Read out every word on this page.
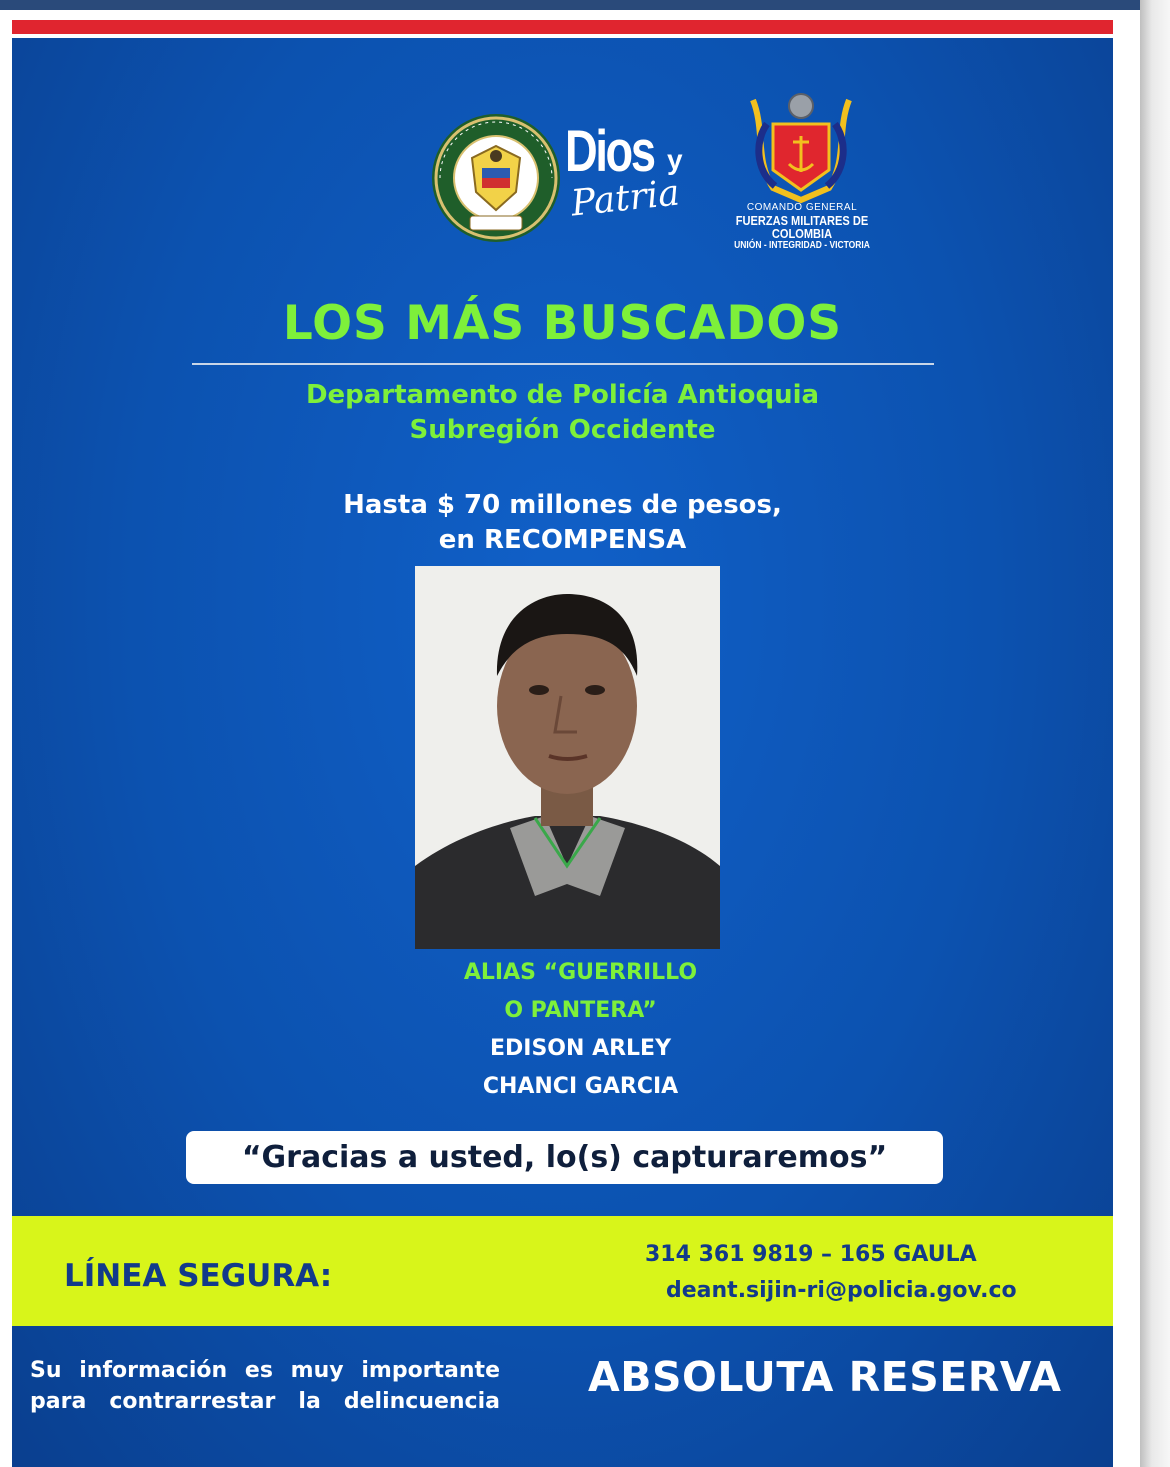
Dios y
Patria	COMANDO GENERAL
FUERZAS MILITARES DE COLOMBIA
UNIÓN - INTEGRIDAD - VICTORIA
LOS MÁS BUSCADOS
Departamento de Policía Antioquia
Subregión Occidente
Hasta $ 70 millones de pesos,
en RECOMPENSA
ALIAS “GUERRILLO
O PANTERA”
EDISON ARLEY
CHANCI GARCIA
“Gracias a usted, lo(s) capturaremos”
LÍNEA SEGURA:
314 361 9819 – 165 GAULA
deant.sijin-ri@policia.gov.co
Su información es muy importante
para contrarrestar la delincuencia
ABSOLUTA RESERVA
